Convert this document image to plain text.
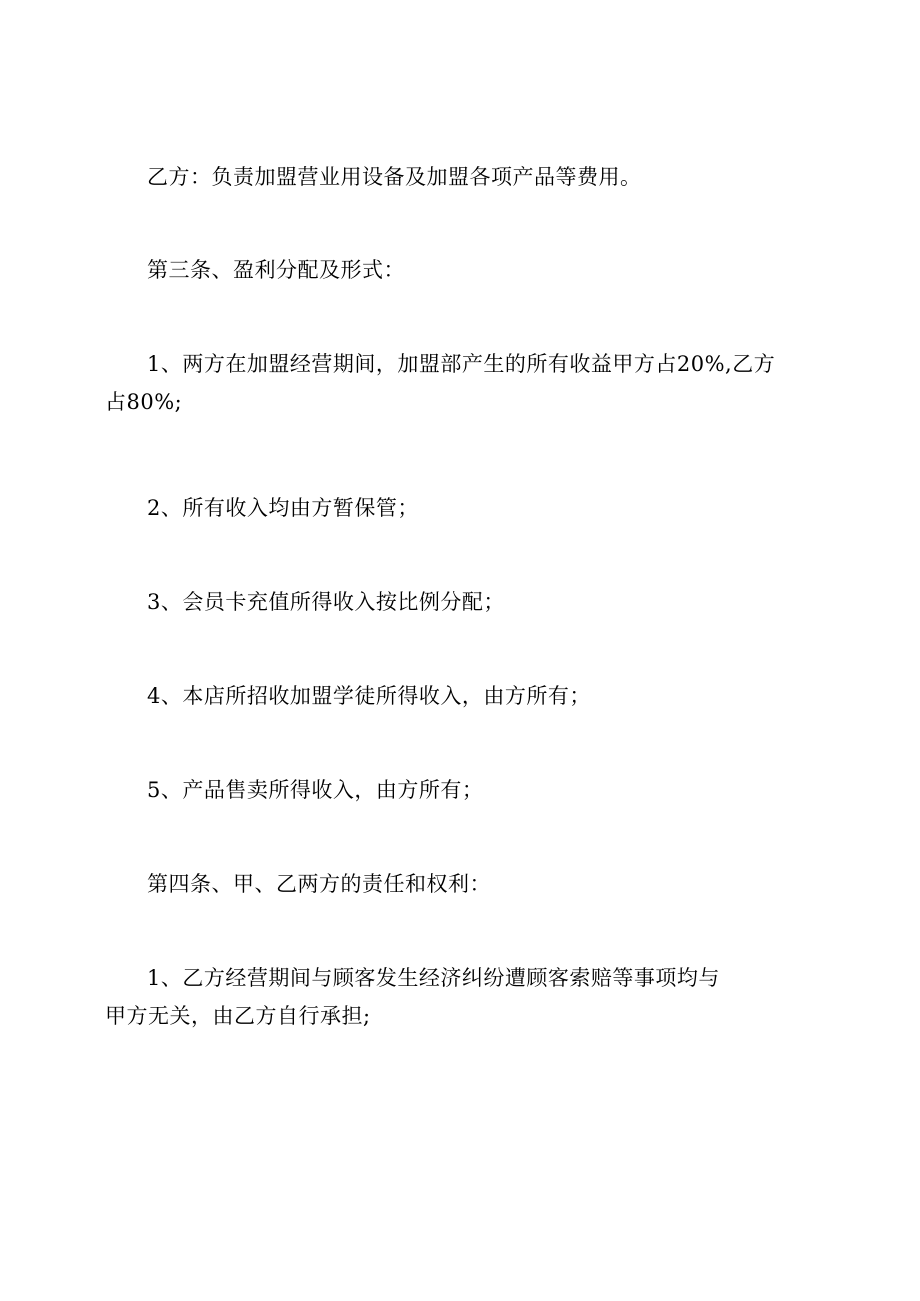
乙方：负责加盟营业用设备及加盟各项产品等费用。

第三条、盈利分配及形式：

1、两方在加盟经营期间，加盟部产生的所有收益甲方占20%,乙方
占80%;

2、所有收入均由方暂保管；

3、会员卡充值所得收入按比例分配；

4、本店所招收加盟学徒所得收入，由方所有；

5、产品售卖所得收入，由方所有；

第四条、甲、乙两方的责任和权利：

1、乙方经营期间与顾客发生经济纠纷遭顾客索赔等事项均与
甲方无关，由乙方自行承担;
